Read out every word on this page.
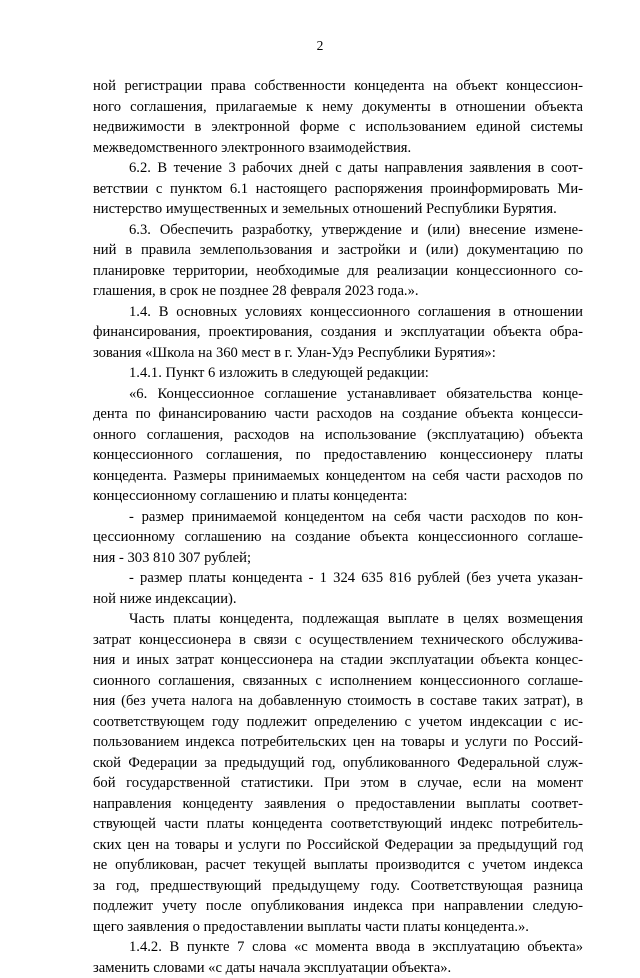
2
ной регистрации права собственности концедента на объект концессион-
ного соглашения, прилагаемые к нему документы в отношении объекта
недвижимости в электронной форме с использованием единой системы
межведомственного электронного взаимодействия.
6.2. В течение 3 рабочих дней с даты направления заявления в соот-
ветствии с пунктом 6.1 настоящего распоряжения проинформировать Ми-
нистерство имущественных и земельных отношений Республики Бурятия.
6.3. Обеспечить разработку, утверждение и (или) внесение измене-
ний в правила землепользования и застройки и (или) документацию по
планировке территории, необходимые для реализации концессионного со-
глашения, в срок не позднее 28 февраля 2023 года.».
1.4. В основных условиях концессионного соглашения в отношении
финансирования, проектирования, создания и эксплуатации объекта обра-
зования «Школа на 360 мест в г. Улан-Удэ Республики Бурятия»:
1.4.1. Пункт 6 изложить в следующей редакции:
«6. Концессионное соглашение устанавливает обязательства конце-
дента по финансированию части расходов на создание объекта концесси-
онного соглашения, расходов на использование (эксплуатацию) объекта
концессионного соглашения, по предоставлению концессионеру платы
концедента. Размеры принимаемых концедентом на себя части расходов по
концессионному соглашению и платы концедента:
- размер принимаемой концедентом на себя части расходов по кон-
цессионному соглашению на создание объекта концессионного соглаше-
ния - 303 810 307 рублей;
- размер платы концедента - 1 324 635 816 рублей (без учета указан-
ной ниже индексации).
Часть платы концедента, подлежащая выплате в целях возмещения
затрат концессионера в связи с осуществлением технического обслужива-
ния и иных затрат концессионера на стадии эксплуатации объекта концес-
сионного соглашения, связанных с исполнением концессионного соглаше-
ния (без учета налога на добавленную стоимость в составе таких затрат), в
соответствующем году подлежит определению с учетом индексации с ис-
пользованием индекса потребительских цен на товары и услуги по Россий-
ской Федерации за предыдущий год, опубликованного Федеральной служ-
бой государственной статистики. При этом в случае, если на момент
направления концеденту заявления о предоставлении выплаты соответ-
ствующей части платы концедента соответствующий индекс потребитель-
ских цен на товары и услуги по Российской Федерации за предыдущий год
не опубликован, расчет текущей выплаты производится с учетом индекса
за год, предшествующий предыдущему году. Соответствующая разница
подлежит учету после опубликования индекса при направлении следую-
щего заявления о предоставлении выплаты части платы концедента.».
1.4.2. В пункте 7 слова «с момента ввода в эксплуатацию объекта»
заменить словами «с даты начала эксплуатации объекта».
